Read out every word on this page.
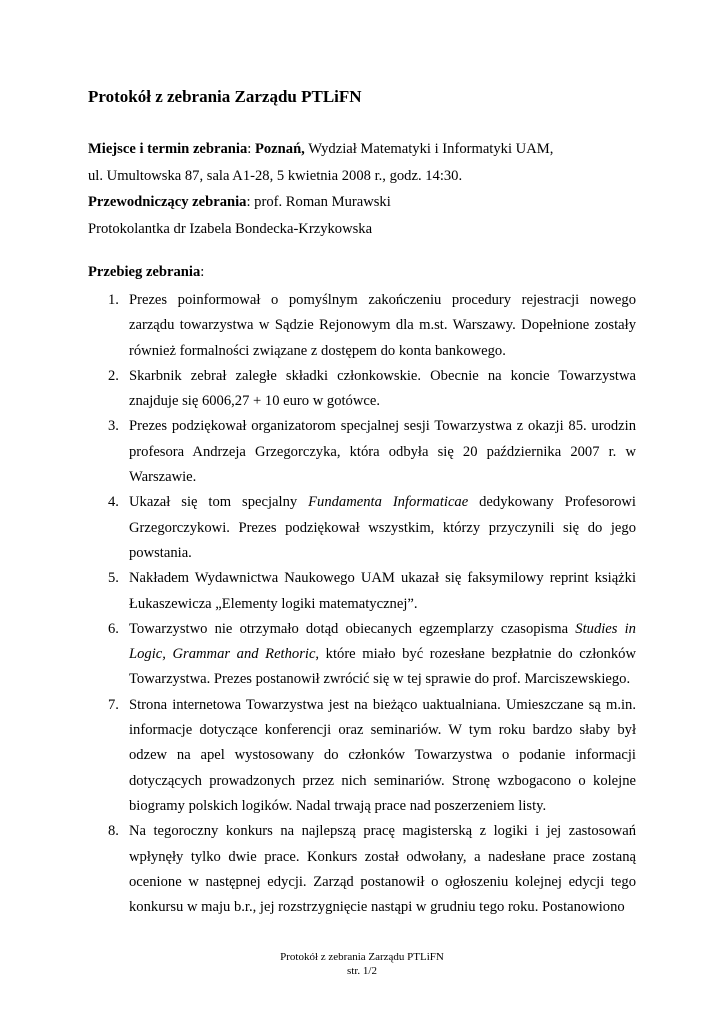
Protokół z zebrania Zarządu PTLiFN

Miejsce i termin zebrania: Poznań, Wydział Matematyki i Informatyki UAM,

ul. Umultowska 87, sala A1-28, 5 kwietnia 2008 r., godz. 14:30.

Przewodniczący zebrania: prof. Roman Murawski

Protokolantka dr Izabela Bondecka-Krzykowska

Przebieg zebrania:
1. Prezes poinformował o pomyślnym zakończeniu procedury rejestracji nowego zarządu towarzystwa w Sądzie Rejonowym dla m.st. Warszawy. Dopełnione zostały również formalności związane z dostępem do konta bankowego.
2. Skarbnik zebrał zaległe składki członkowskie. Obecnie na koncie Towarzystwa znajduje się 6006,27 + 10 euro w gotówce.
3. Prezes podziękował organizatorom specjalnej sesji Towarzystwa z okazji 85. urodzin profesora Andrzeja Grzegorczyka, która odbyła się 20 października 2007 r. w Warszawie.
4. Ukazał się tom specjalny Fundamenta Informaticae dedykowany Profesorowi Grzegorczykowi. Prezes podziękował wszystkim, którzy przyczynili się do jego powstania.
5. Nakładem Wydawnictwa Naukowego UAM ukazał się faksymilowy reprint książki Łukaszewicza „Elementy logiki matematycznej”.
6. Towarzystwo nie otrzymało dotąd obiecanych egzemplarzy czasopisma Studies in Logic, Grammar and Rethoric, które miało być rozesłane bezpłatnie do członków Towarzystwa. Prezes postanowił zwrócić się w tej sprawie do prof. Marciszewskiego.
7. Strona internetowa Towarzystwa jest na bieżąco uaktualniana. Umieszczane są m.in. informacje dotyczące konferencji oraz seminariów. W tym roku bardzo słaby był odzew na apel wystosowany do członków Towarzystwa o podanie informacji dotyczących prowadzonych przez nich seminariów. Stronę wzbogacono o kolejne biogramy polskich logików. Nadal trwają prace nad poszerzeniem listy.
8. Na tegoroczny konkurs na najlepszą pracę magisterską z logiki i jej zastosowań wpłynęły tylko dwie prace. Konkurs został odwołany, a nadesłane prace zostaną ocenione w następnej edycji. Zarząd postanowił o ogłoszeniu kolejnej edycji tego konkursu w maju b.r., jej rozstrzygnięcie nastąpi w grudniu tego roku. Postanowiono
Protokół z zebrania Zarządu PTLiFN
str. 1/2
